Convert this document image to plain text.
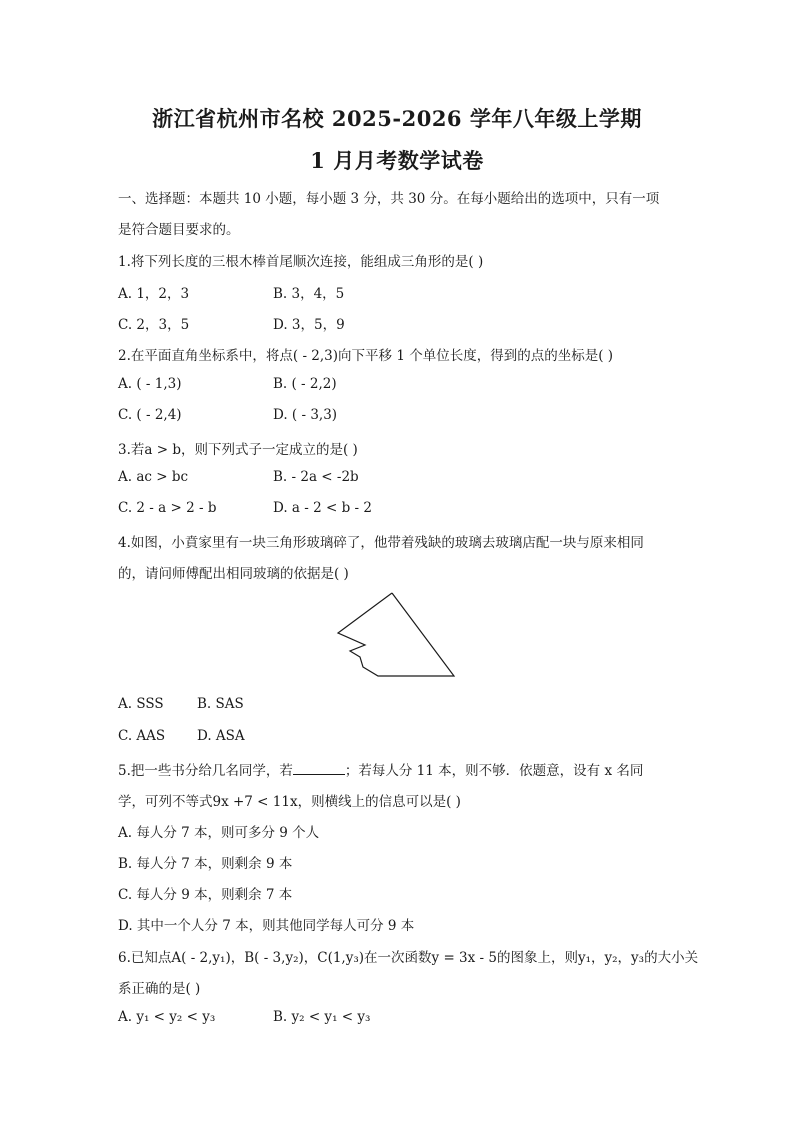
浙江省杭州市名校 2025-2026 学年八年级上学期
1 月月考数学试卷
一、选择题：本题共 10 小题，每小题 3 分，共 30 分。在每小题给出的选项中，只有一项
是符合题目要求的。
1.将下列长度的三根木棒首尾顺次连接，能组成三角形的是( )
A. 1，2，3	B. 3，4，5
C. 2，3，5	D. 3，5，9
2.在平面直角坐标系中，将点( - 2,3)向下平移 1 个单位长度，得到的点的坐标是( )
A. ( - 1,3)	B. ( - 2,2)
C. ( - 2,4)	D. ( - 3,3)
3.若a > b，则下列式子一定成立的是( )
A. ac > bc	B. - 2a < -2b
C. 2 - a > 2 - b	D. a - 2 < b - 2
4.如图，小賁家里有一块三角形玻璃碎了，他带着残缺的玻璃去玻璃店配一块与原来相同
的，请问师傅配出相同玻璃的依据是( )
A. SSS B. SAS
C. AAS D. ASA
5.把一些书分给几名同学，若	；若每人分 11 本，则不够．依题意，设有 x 名同
学，可列不等式9x +7 < 11x，则横线上的信息可以是( )
A. 每人分 7 本，则可多分 9 个人
B. 每人分 7 本，则剩余 9 本
C. 每人分 9 本，则剩余 7 本
D. 其中一个人分 7 本，则其他同学每人可分 9 本
6.已知点A( - 2,y₁)，B( - 3,y₂)，C(1,y₃)在一次函数y = 3x - 5的图象上，则y₁，y₂，y₃的大小关
系正确的是( )
A. y₁ < y₂ < y₃	B. y₂ < y₁ < y₃
